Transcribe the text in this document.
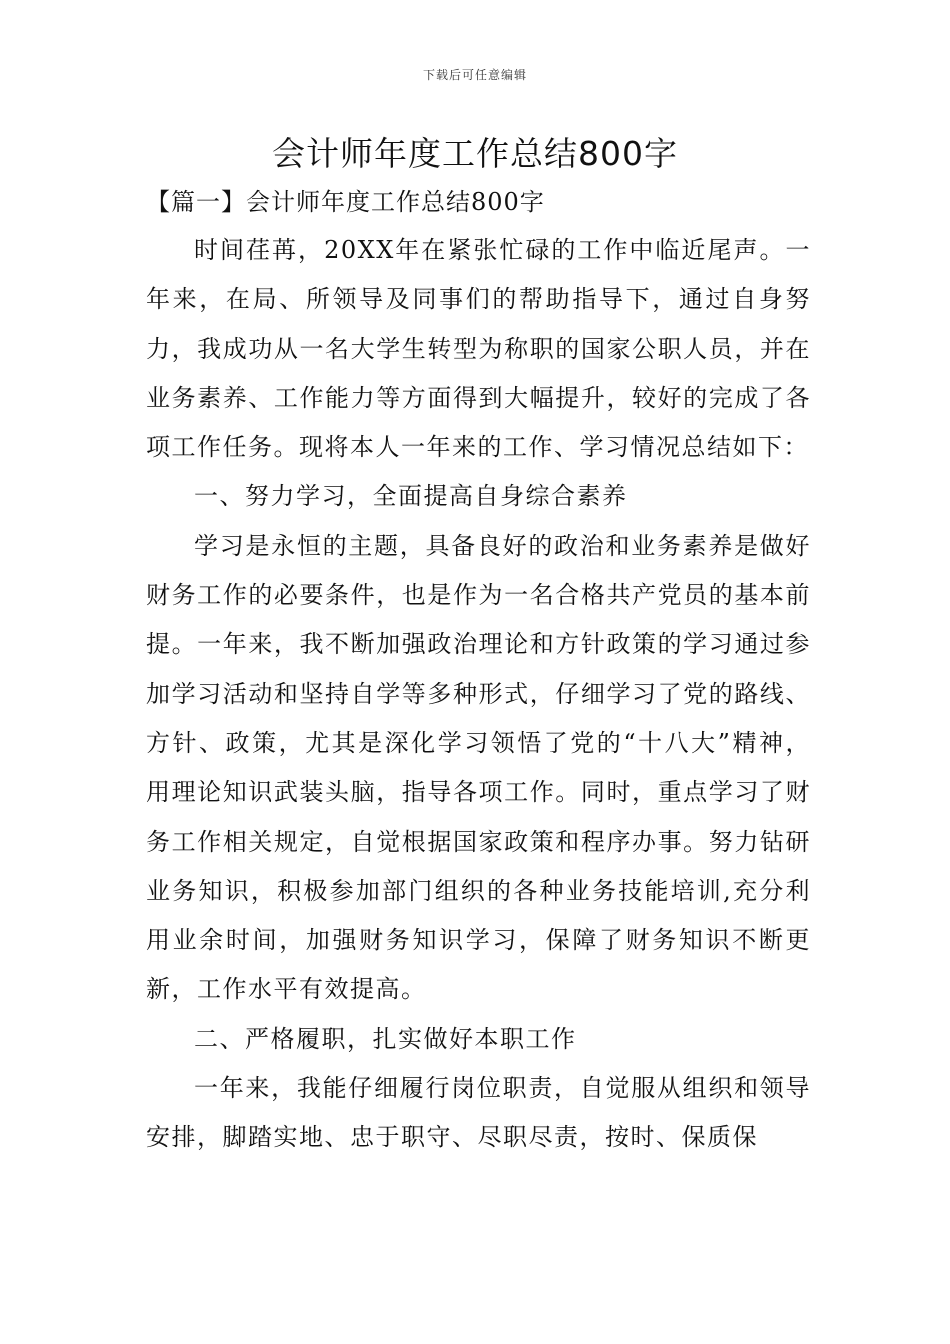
下载后可任意编辑
会计师年度工作总结800字
【篇一】会计师年度工作总结800字

时间荏苒，20XX年在紧张忙碌的工作中临近尾声。一年来，在局、所领导及同事们的帮助指导下，通过自身努力，我成功从一名大学生转型为称职的国家公职人员，并在业务素养、工作能力等方面得到大幅提升，较好的完成了各项工作任务。现将本人一年来的工作、学习情况总结如下：

一、努力学习，全面提高自身综合素养

学习是永恒的主题，具备良好的政治和业务素养是做好财务工作的必要条件，也是作为一名合格共产党员的基本前提。一年来，我不断加强政治理论和方针政策的学习通过参加学习活动和坚持自学等多种形式，仔细学习了党的路线、方针、政策，尤其是深化学习领悟了党的“十八大”精神，用理论知识武装头脑，指导各项工作。同时，重点学习了财务工作相关规定，自觉根据国家政策和程序办事。努力钻研业务知识，积极参加部门组织的各种业务技能培训,充分利用业余时间，加强财务知识学习，保障了财务知识不断更新，工作水平有效提高。

二、严格履职，扎实做好本职工作

一年来，我能仔细履行岗位职责，自觉服从组织和领导安排，脚踏实地、忠于职守、尽职尽责，按时、保质保
